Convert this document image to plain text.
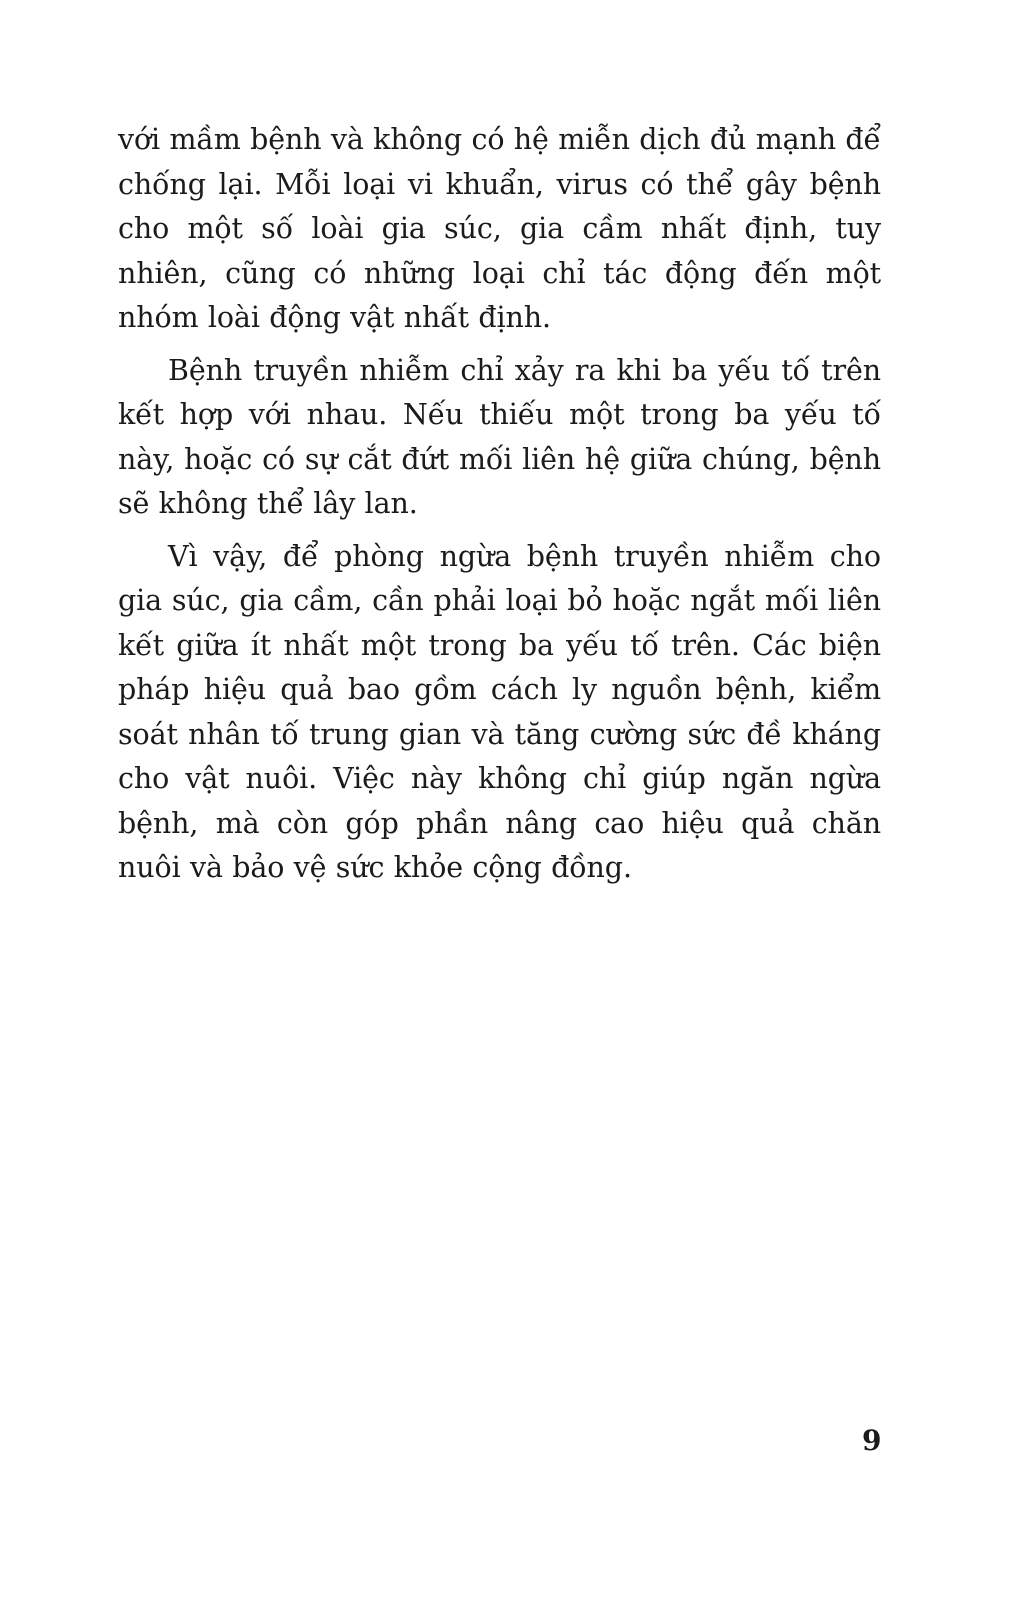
với mầm bệnh và không có hệ miễn dịch đủ mạnh để chống lại. Mỗi loại vi khuẩn, virus có thể gây bệnh cho một số loài gia súc, gia cầm nhất định, tuy nhiên, cũng có những loại chỉ tác động đến một nhóm loài động vật nhất định.

Bệnh truyền nhiễm chỉ xảy ra khi ba yếu tố trên kết hợp với nhau. Nếu thiếu một trong ba yếu tố này, hoặc có sự cắt đứt mối liên hệ giữa chúng, bệnh sẽ không thể lây lan.

Vì vậy, để phòng ngừa bệnh truyền nhiễm cho gia súc, gia cầm, cần phải loại bỏ hoặc ngắt mối liên kết giữa ít nhất một trong ba yếu tố trên. Các biện pháp hiệu quả bao gồm cách ly nguồn bệnh, kiểm soát nhân tố trung gian và tăng cường sức đề kháng cho vật nuôi. Việc này không chỉ giúp ngăn ngừa bệnh, mà còn góp phần nâng cao hiệu quả chăn nuôi và bảo vệ sức khỏe cộng đồng.

9
